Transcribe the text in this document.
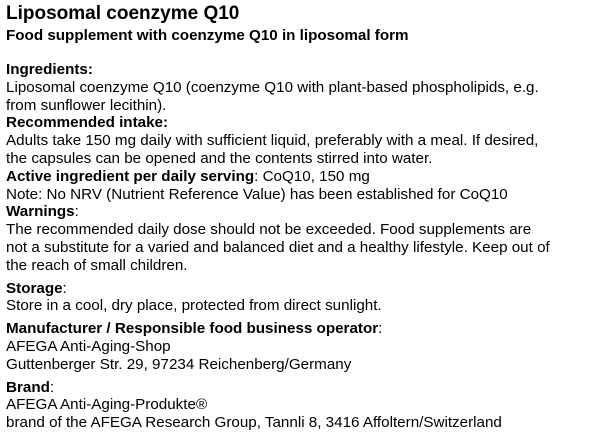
Liposomal coenzyme Q10
Food supplement with coenzyme Q10 in liposomal form
Ingredients:
Liposomal coenzyme Q10 (coenzyme Q10 with plant-based phospholipids, e.g.
from sunflower lecithin).
Recommended intake:
Adults take 150 mg daily with sufficient liquid, preferably with a meal. If desired,
the capsules can be opened and the contents stirred into water.
Active ingredient per daily serving: CoQ10, 150 mg
Note: No NRV (Nutrient Reference Value) has been established for CoQ10
Warnings:
The recommended daily dose should not be exceeded. Food supplements are
not a substitute for a varied and balanced diet and a healthy lifestyle. Keep out of
the reach of small children.
Storage:
Store in a cool, dry place, protected from direct sunlight.
Manufacturer / Responsible food business operator:
AFEGA Anti-Aging-Shop
Guttenberger Str. 29, 97234 Reichenberg/Germany
Brand:
AFEGA Anti-Aging-Produkte®
brand of the AFEGA Research Group, Tannli 8, 3416 Affoltern/Switzerland
